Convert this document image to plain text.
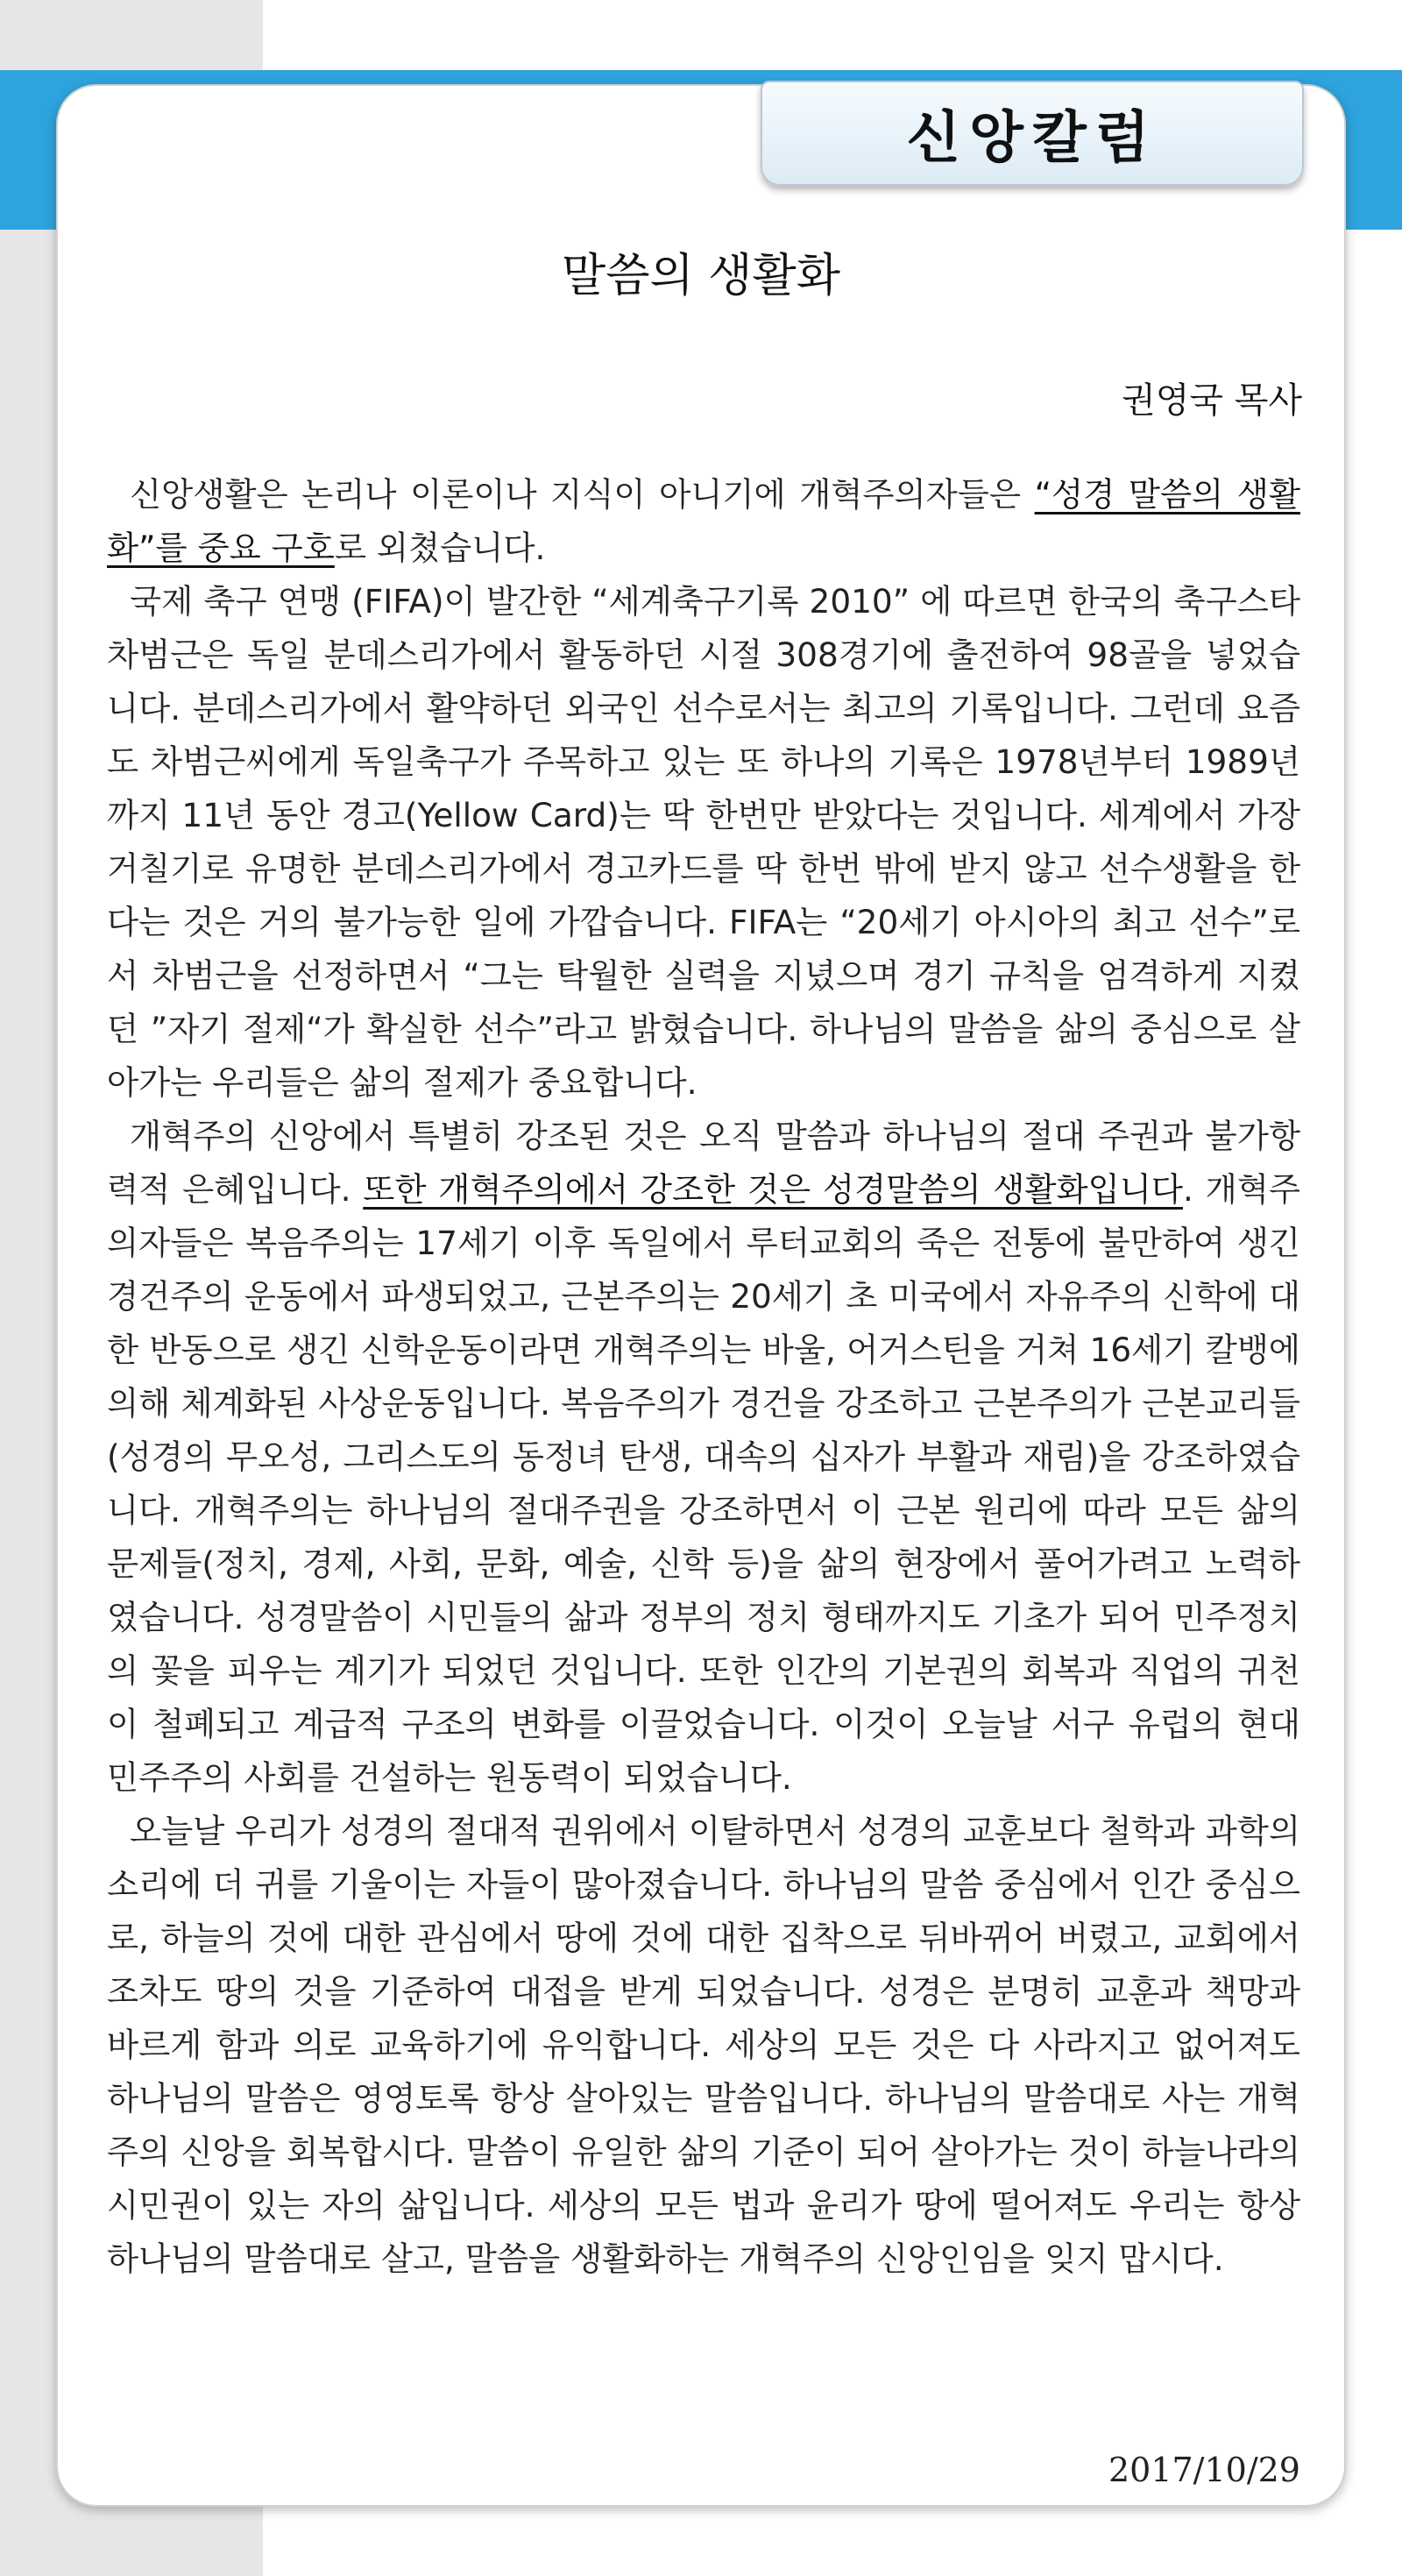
신앙칼럼
말씀의 생활화
권영국 목사

신앙생활은 논리나 이론이나 지식이 아니기에 개혁주의자들은 “성경 말씀의 생활화”를 중요 구호로 외쳤습니다.

국제 축구 연맹 (FIFA)이 발간한 “세계축구기록 2010” 에 따르면 한국의 축구스타 차범근은 독일 분데스리가에서 활동하던 시절 308경기에 출전하여 98골을 넣었습니다. 분데스리가에서 활약하던 외국인 선수로서는 최고의 기록입니다. 그런데 요즘도 차범근씨에게 독일축구가 주목하고 있는 또 하나의 기록은 1978년부터 1989년까지 11년 동안 경고(Yellow Card)는 딱 한번만 받았다는 것입니다. 세계에서 가장 거칠기로 유명한 분데스리가에서 경고카드를 딱 한번 밖에 받지 않고 선수생활을 한다는 것은 거의 불가능한 일에 가깝습니다. FIFA는 “20세기 아시아의 최고 선수”로서 차범근을 선정하면서 “그는 탁월한 실력을 지녔으며 경기 규칙을 엄격하게 지켰던 ”자기 절제“가 확실한 선수”라고 밝혔습니다. 하나님의 말씀을 삶의 중심으로 살아가는 우리들은 삶의 절제가 중요합니다.

개혁주의 신앙에서 특별히 강조된 것은 오직 말씀과 하나님의 절대 주권과 불가항력적 은혜입니다. 또한 개혁주의에서 강조한 것은 성경말씀의 생활화입니다. 개혁주의자들은 복음주의는 17세기 이후 독일에서 루터교회의 죽은 전통에 불만하여 생긴 경건주의 운동에서 파생되었고, 근본주의는 20세기 초 미국에서 자유주의 신학에 대한 반동으로 생긴 신학운동이라면 개혁주의는 바울, 어거스틴을 거쳐 16세기 칼뱅에 의해 체계화된 사상운동입니다. 복음주의가 경건을 강조하고 근본주의가 근본교리들(성경의 무오성, 그리스도의 동정녀 탄생, 대속의 십자가 부활과 재림)을 강조하였습니다. 개혁주의는 하나님의 절대주권을 강조하면서 이 근본 원리에 따라 모든 삶의 문제들(정치, 경제, 사회, 문화, 예술, 신학 등)을 삶의 현장에서 풀어가려고 노력하였습니다. 성경말씀이 시민들의 삶과 정부의 정치 형태까지도 기초가 되어 민주정치의 꽃을 피우는 계기가 되었던 것입니다. 또한 인간의 기본권의 회복과 직업의 귀천이 철폐되고 계급적 구조의 변화를 이끌었습니다. 이것이 오늘날 서구 유럽의 현대 민주주의 사회를 건설하는 원동력이 되었습니다.

오늘날 우리가 성경의 절대적 권위에서 이탈하면서 성경의 교훈보다 철학과 과학의 소리에 더 귀를 기울이는 자들이 많아졌습니다. 하나님의 말씀 중심에서 인간 중심으로, 하늘의 것에 대한 관심에서 땅에 것에 대한 집착으로 뒤바뀌어 버렸고, 교회에서 조차도 땅의 것을 기준하여 대접을 받게 되었습니다. 성경은 분명히 교훈과 책망과 바르게 함과 의로 교육하기에 유익합니다. 세상의 모든 것은 다 사라지고 없어져도 하나님의 말씀은 영영토록 항상 살아있는 말씀입니다. 하나님의 말씀대로 사는 개혁주의 신앙을 회복합시다. 말씀이 유일한 삶의 기준이 되어 살아가는 것이 하늘나라의 시민권이 있는 자의 삶입니다. 세상의 모든 법과 윤리가 땅에 떨어져도 우리는 항상 하나님의 말씀대로 살고, 말씀을 생활화하는 개혁주의 신앙인임을 잊지 맙시다.

2017/10/29
